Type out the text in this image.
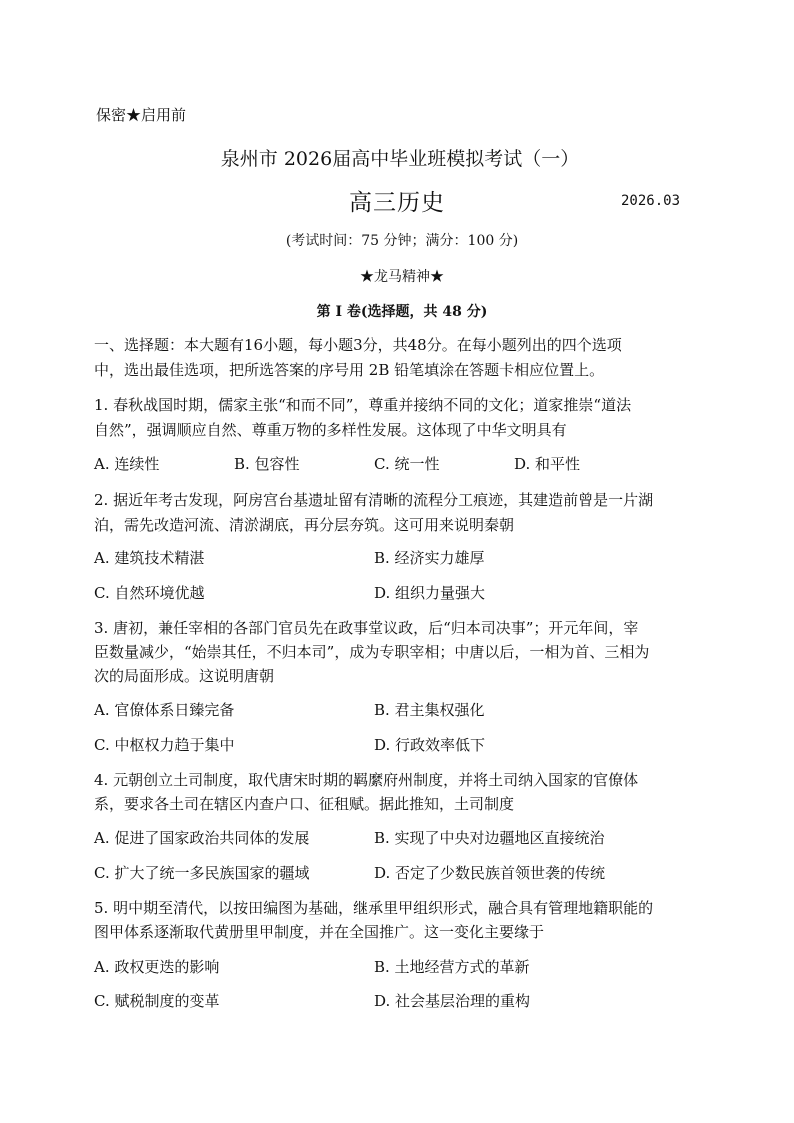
保密★启用前
泉州市 2026届高中毕业班模拟考试（一）
高三历史	2026.03
(考试时间：75 分钟；满分：100 分)
★龙马精神★
第 I 卷(选择题，共 48 分)
一、选择题：本大题有16小题，每小题3分，共48分。在每小题列出的四个选项
中，选出最佳选项，把所选答案的序号用 2B 铅笔填涂在答题卡相应位置上。
1. 春秋战国时期，儒家主张“和而不同”，尊重并接纳不同的文化；道家推崇“道法
自然”，强调顺应自然、尊重万物的多样性发展。这体现了中华文明具有
A. 连续性	B. 包容性	C. 统一性	D. 和平性
2. 据近年考古发现，阿房宫台基遗址留有清晰的流程分工痕迹，其建造前曾是一片湖
泊，需先改造河流、清淤湖底，再分层夯筑。这可用来说明秦朝
A. 建筑技术精湛	B. 经济实力雄厚
C. 自然环境优越	D. 组织力量强大
3. 唐初，兼任宰相的各部门官员先在政事堂议政，后“归本司决事”；开元年间，宰
臣数量减少，“始崇其任，不归本司”，成为专职宰相；中唐以后，一相为首、三相为
次的局面形成。这说明唐朝
A. 官僚体系日臻完备	B. 君主集权强化
C. 中枢权力趋于集中	D. 行政效率低下
4. 元朝创立土司制度，取代唐宋时期的羁縻府州制度，并将土司纳入国家的官僚体
系，要求各土司在辖区内查户口、征租赋。据此推知，土司制度
A. 促进了国家政治共同体的发展	B. 实现了中央对边疆地区直接统治
C. 扩大了统一多民族国家的疆域	D. 否定了少数民族首领世袭的传统
5. 明中期至清代，以按田编图为基础，继承里甲组织形式，融合具有管理地籍职能的
图甲体系逐渐取代黄册里甲制度，并在全国推广。这一变化主要缘于
A. 政权更迭的影响	B. 土地经营方式的革新
C. 赋税制度的变革	D. 社会基层治理的重构
